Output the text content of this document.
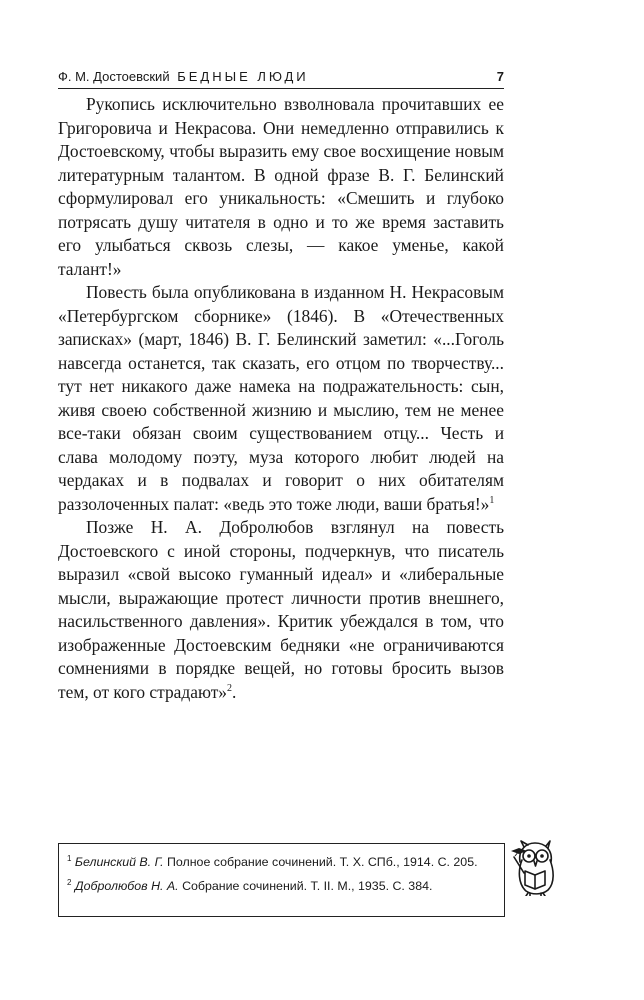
Ф. М. Достоевский БЕДНЫЕ ЛЮДИ	7

Рукопись исключительно взволновала прочитавших ее Григоровича и Некрасова. Они немедленно отправились к Достоевскому, чтобы выразить ему свое восхищение новым литературным талантом. В одной фразе В. Г. Белинский сформулировал его уникальность: «Смешить и глубоко потрясать душу читателя в одно и то же время заставить его улыбаться сквозь слезы, — какое уменье, какой талант!»

Повесть была опубликована в изданном Н. Некрасовым «Петербургском сборнике» (1846). В «Отечественных записках» (март, 1846) В. Г. Белинский заметил: «...Гоголь навсегда останется, так сказать, его отцом по творчеству... тут нет никакого даже намека на подражательность: сын, живя своею собственной жизнию и мыслию, тем не менее все-таки обязан своим существованием отцу... Честь и слава молодому поэту, муза которого любит людей на чердаках и в подвалах и говорит о них обитателям раззолоченных палат: «ведь это тоже люди, ваши братья!»$^1$

Позже Н. А. Добролюбов взглянул на повесть Достоевского с иной стороны, подчеркнув, что писатель выразил «свой высоко гуманный идеал» и «либеральные мысли, выражающие протест личности против внешнего, насильственного давления». Критик убеждался в том, что изображенные Достоевским бедняки «не ограничиваются сомнениями в порядке вещей, но готовы бросить вызов тем, от кого страдают»$^2$.

$^1$ Белинский В. Г. Полное собрание сочинений. Т. X. СПб., 1914. С. 205.
$^2$ Добролюбов Н. А. Собрание сочинений. Т. II. М., 1935. С. 384.
